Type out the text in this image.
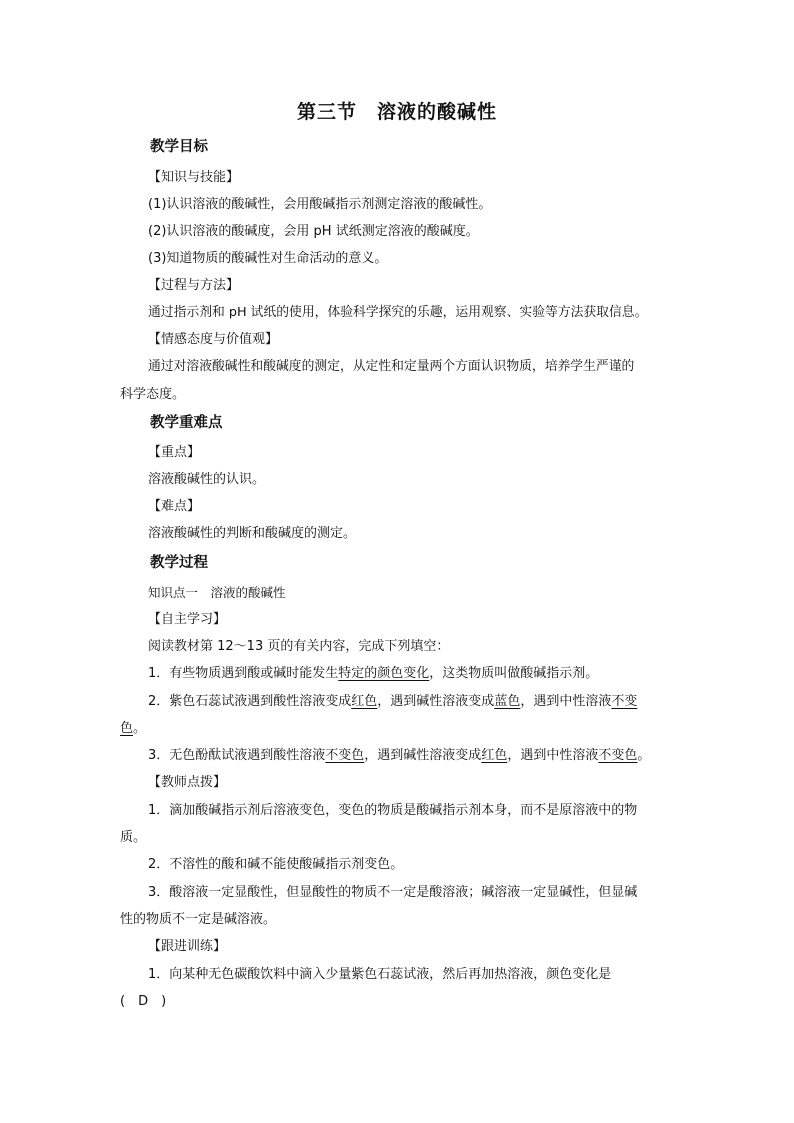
第三节　溶液的酸碱性
教学目标
【知识与技能】
(1)认识溶液的酸碱性，会用酸碱指示剂测定溶液的酸碱性。
(2)认识溶液的酸碱度，会用 pH 试纸测定溶液的酸碱度。
(3)知道物质的酸碱性对生命活动的意义。
【过程与方法】
通过指示剂和 pH 试纸的使用，体验科学探究的乐趣，运用观察、实验等方法获取信息。
【情感态度与价值观】
通过对溶液酸碱性和酸碱度的测定，从定性和定量两个方面认识物质，培养学生严谨的
科学态度。
教学重难点
【重点】
溶液酸碱性的认识。
【难点】
溶液酸碱性的判断和酸碱度的测定。
教学过程
知识点一　溶液的酸碱性
【自主学习】
阅读教材第 12～13 页的有关内容，完成下列填空：
1．有些物质遇到酸或碱时能发生特定的颜色变化，这类物质叫做酸碱指示剂。
2．紫色石蕊试液遇到酸性溶液变成红色，遇到碱性溶液变成蓝色，遇到中性溶液不变
色。
3．无色酚酞试液遇到酸性溶液不变色，遇到碱性溶液变成红色，遇到中性溶液不变色。
【教师点拨】
1．滴加酸碱指示剂后溶液变色，变色的物质是酸碱指示剂本身，而不是原溶液中的物
质。
2．不溶性的酸和碱不能使酸碱指示剂变色。
3．酸溶液一定显酸性，但显酸性的物质不一定是酸溶液；碱溶液一定显碱性，但显碱
性的物质不一定是碱溶液。
【跟进训练】
1．向某种无色碳酸饮料中滴入少量紫色石蕊试液，然后再加热溶液，颜色变化是
(　D　)
